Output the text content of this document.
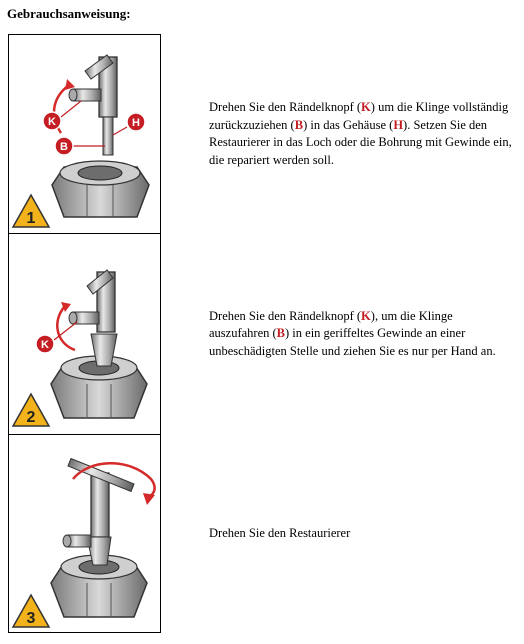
Gebrauchsanweisung:
K
B
H
1	Drehen Sie den Rändelknopf (K) um die Klinge vollständig zurückzuziehen (B) in das Gehäuse (H). Setzen Sie den Restaurierer in das Loch oder die Bohrung mit Gewinde ein, die repariert werden soll.

K
2	Drehen Sie den Rändelknopf (K), um die Klinge auszufahren (B) in ein geriffeltes Gewinde an einer unbeschädigten Stelle und ziehen Sie es nur per Hand an.

3	Drehen Sie den Restaurierer
